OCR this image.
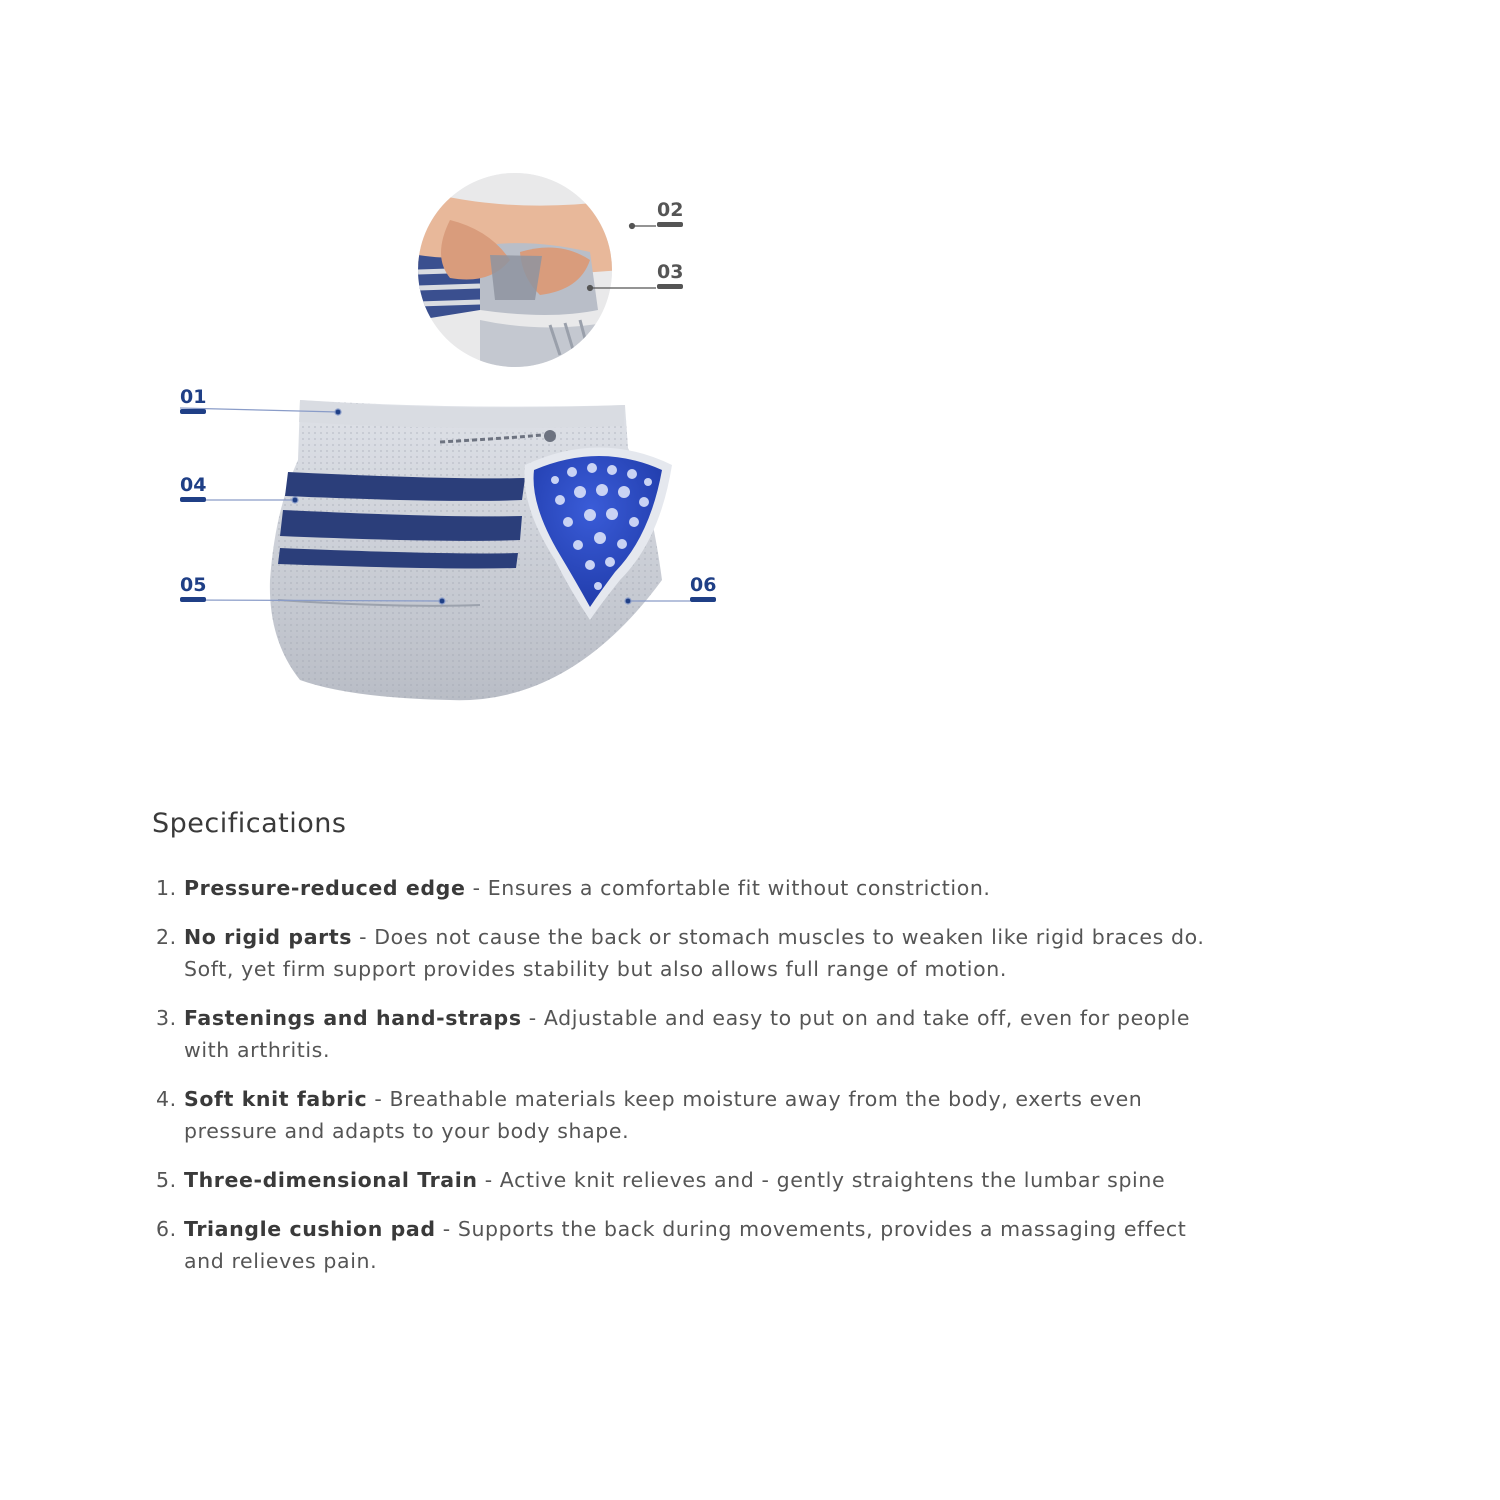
02
03
01
04
05	06
Specifications
1. Pressure-reduced edge - Ensures a comfortable fit without constriction.
2. No rigid parts - Does not cause the back or stomach muscles to weaken like rigid braces do. Soft, yet firm support provides stability but also allows full range of motion.
3. Fastenings and hand-straps - Adjustable and easy to put on and take off, even for people with arthritis.
4. Soft knit fabric - Breathable materials keep moisture away from the body, exerts even pressure and adapts to your body shape.
5. Three-dimensional Train - Active knit relieves and - gently straightens the lumbar spine
6. Triangle cushion pad - Supports the back during movements, provides a massaging effect and relieves pain.
